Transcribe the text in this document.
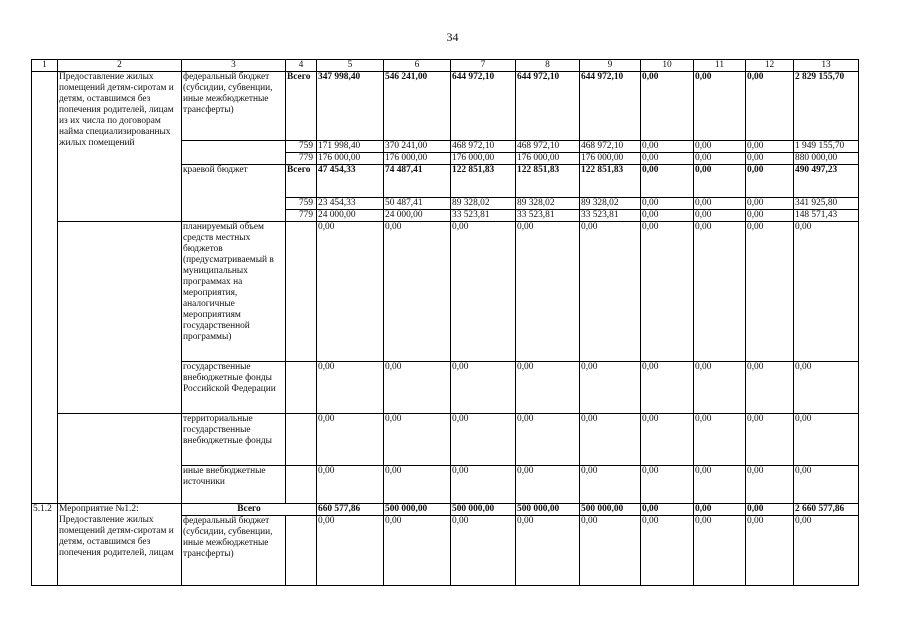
34
1	2	3	4	5	6	7	8	9	10	11	12	13
	Предоставление жилых помещений детям-сиротам и детям, оставшимся без попечения родителей, лицам из их числа по договорам найма специализированных жилых помещений	федеральный бюджет (субсидии, субвенции, иные межбюджетные трансферты)	Всего	347 998,40	546 241,00	644 972,10	644 972,10	644 972,10	0,00	0,00	0,00	2 829 155,70
			759	171 998,40	370 241,00	468 972,10	468 972,10	468 972,10	0,00	0,00	0,00	1 949 155,70
			779	176 000,00	176 000,00	176 000,00	176 000,00	176 000,00	0,00	0,00	0,00	880 000,00
		краевой бюджет	Всего	47 454,33	74 487,41	122 851,83	122 851,83	122 851,83	0,00	0,00	0,00	490 497,23
			759	23 454,33	50 487,41	89 328,02	89 328,02	89 328,02	0,00	0,00	0,00	341 925,80
			779	24 000,00	24 000,00	33 523,81	33 523,81	33 523,81	0,00	0,00	0,00	148 571,43
		планируемый объем средств местных бюджетов (предусматриваемый в муниципальных программах на мероприятия, аналогичные мероприятиям государственной программы)		0,00	0,00	0,00	0,00	0,00	0,00	0,00	0,00	0,00
		государственные внебюджетные фонды Российской Федерации		0,00	0,00	0,00	0,00	0,00	0,00	0,00	0,00	0,00
		территориальные государственные внебюджетные фонды		0,00	0,00	0,00	0,00	0,00	0,00	0,00	0,00	0,00
		иные внебюджетные источники		0,00	0,00	0,00	0,00	0,00	0,00	0,00	0,00	0,00
5.1.2	Мероприятие №1.2: Предоставление жилых помещений детям-сиротам и детям, оставшимся без попечения родителей, лицам	Всего		660 577,86	500 000,00	500 000,00	500 000,00	500 000,00	0,00	0,00	0,00	2 660 577,86
		федеральный бюджет (субсидии, субвенции, иные межбюджетные трансферты)		0,00	0,00	0,00	0,00	0,00	0,00	0,00	0,00	0,00
